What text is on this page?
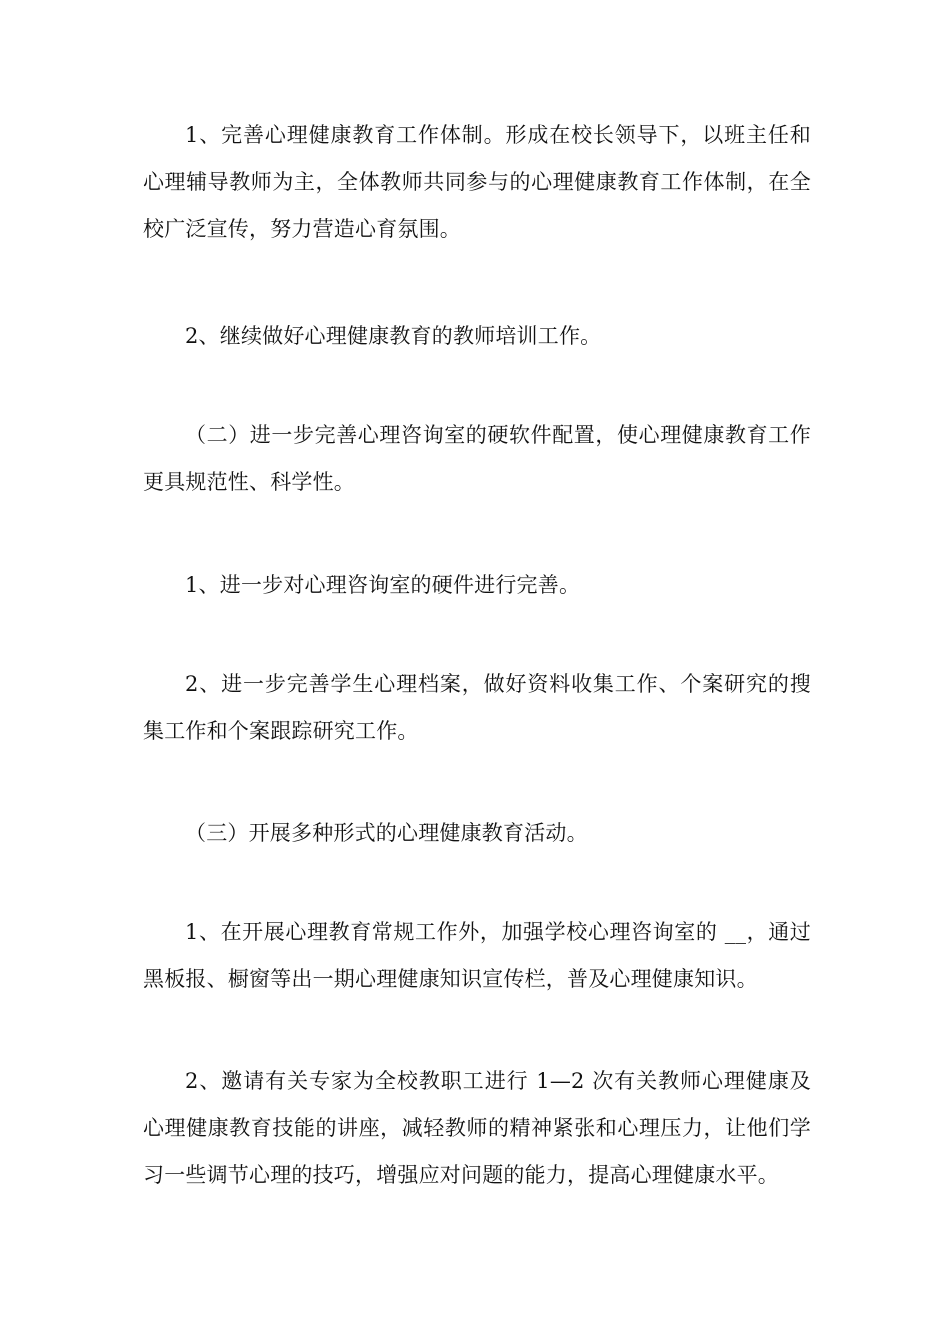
1、完善心理健康教育工作体制。形成在校长领导下，以班主任和心理辅导教师为主，全体教师共同参与的心理健康教育工作体制，在全校广泛宣传，努力营造心育氛围。

2、继续做好心理健康教育的教师培训工作。

（二）进一步完善心理咨询室的硬软件配置，使心理健康教育工作更具规范性、科学性。

1、进一步对心理咨询室的硬件进行完善。

2、进一步完善学生心理档案，做好资料收集工作、个案研究的搜集工作和个案跟踪研究工作。

（三）开展多种形式的心理健康教育活动。

1、在开展心理教育常规工作外，加强学校心理咨询室的 __，通过黑板报、橱窗等出一期心理健康知识宣传栏，普及心理健康知识。

2、邀请有关专家为全校教职工进行 1—2 次有关教师心理健康及心理健康教育技能的讲座，减轻教师的精神紧张和心理压力，让他们学习一些调节心理的技巧，增强应对问题的能力，提高心理健康水平。
